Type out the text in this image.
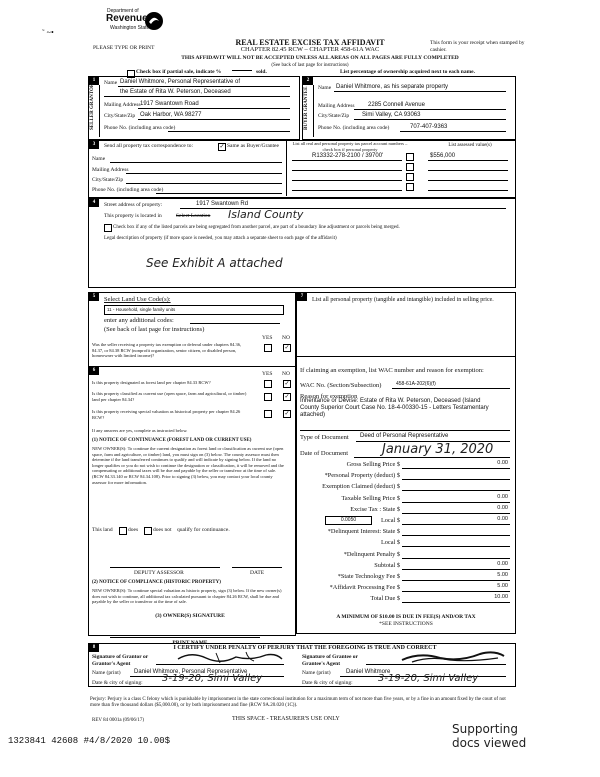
Department of
Revenue
Washington State
˜ ~•
PLEASE TYPE OR PRINT
REAL ESTATE EXCISE TAX AFFIDAVIT
CHAPTER 82.45 RCW – CHAPTER 458-61A WAC
This form is your receipt when stamped by cashier.
THIS AFFIDAVIT WILL NOT BE ACCEPTED UNLESS ALL AREAS ON ALL PAGES ARE FULLY COMPLETED
(See back of last page for instructions)
Check box if partial sale, indicate %	sold.	List percentage of ownership acquired next to each name.
1
SELLER GRANTOR
Name Daniel Whitmore, Personal Representative of
the Estate of Rita W. Peterson, Deceased
Mailing Address 1917 Swantown Road
City/State/Zip Oak Harbor, WA 98277
Phone No. (including area code)
2
BUYER GRANTEE Name Daniel Whitmore, as his separate property
Mailing Address 2285 Connell Avenue
City/State/Zip Simi Valley, CA 93063
Phone No. (including area code)	707-407-9363
3	Send all property tax correspondence to:	✓ Same as Buyer/Grantee
Name
Mailing Address
City/State/Zip
Phone No. (including area code)
List all real and personal property tax parcel account numbers – check box if personal property
List assessed value(s)
R13332-278-2100 / 39700'	$556,000
4	Street address of property:	1917 Swantown Rd
This property is located in	Select Location Island County
Check box if any of the listed parcels are being segregated from another parcel, are part of a boundary line adjustment or parcels being merged.
Legal description of property (if more space is needed, you may attach a separate sheet to each page of the affidavit)
See Exhibit A attached
5	Select Land Use Code(s):
11 - Household, single family units
enter any additional codes:
(See back of last page for instructions)
YES NO
Was the seller receiving a property tax exemption or deferral under chapters 84.36, 84.37, or 84.38 RCW (nonprofit organization, senior citizen, or disabled person, homeowner with limited income)?
✓
6
YES NO
Is this property designated as forest land per chapter 84.33 RCW?	✓
Is this property classified as current use (open space, farm and agricultural, or timber) land per chapter 84.34?	✓
Is this property receiving special valuation as historical property per chapter 84.26 RCW?	✓
If any answers are yes, complete as instructed below.
(1) NOTICE OF CONTINUANCE (FOREST LAND OR CURRENT USE)
NEW OWNER(S): To continue the current designation as forest land or classification as current use (open space, farm and agriculture, or timber) land, you must sign on (3) below. The county assessor must then determine if the land transferred continues to qualify and will indicate by signing below. If the land no longer qualifies or you do not wish to continue the designation or classification, it will be removed and the compensating or additional taxes will be due and payable by the seller or transferor at the time of sale. (RCW 84.33.140 or RCW 84.34.108). Prior to signing (3) below, you may contact your local county assessor for more information.
This land	does	does not qualify for continuance.
DEPUTY ASSESSOR	DATE
(2) NOTICE OF COMPLIANCE (HISTORIC PROPERTY)
NEW OWNER(S): To continue special valuation as historic property, sign (3) below. If the new owner(s) does not wish to continue, all additional tax calculated pursuant to chapter 84.26 RCW, shall be due and payable by the seller or transferor at the time of sale.
(3) OWNER(S) SIGNATURE
PRINT NAME
7
List all personal property (tangible and intangible) included in selling price.
If claiming an exemption, list WAC number and reason for exemption:
WAC No. (Section/Subsection)	458-61A-202(6)(f)
Reason for exemption
Inheritance or Devise: Estate of Rita W. Peterson, Deceased (Island County Superior Court Case No. 18-4-00330-15 - Letters Testamentary attached)
Type of Document Deed of Personal Representative
Date of Document	January 31, 2020
Gross Selling Price $	0.00
*Personal Property (deduct) $
Exemption Claimed (deduct) $
Taxable Selling Price $	0.00
Excise Tax : State $	0.00
Local $	0.00
*Delinquent Interest: State $
Local $
*Delinquent Penalty $
Subtotal $	0.00
*State Technology Fee $	5.00
*Affidavit Processing Fee $	5.00
Total Due $	10.00
0.0050
A MINIMUM OF $10.00 IS DUE IN FEE(S) AND/OR TAX
*SEE INSTRUCTIONS
8	I CERTIFY UNDER PENALTY OF PERJURY THAT THE FOREGOING IS TRUE AND CORRECT
Signature of Grantor or Grantor's Agent
Signature of Grantee or Grantee's Agent
Name (print) Daniel Whitmore, Personal Representative	Name (print)	Daniel Whitmore
Date & city of signing: 3-19-20, Simi Valley	Date & city of signing:	3-19-20, Simi Valley
Perjury: Perjury is a class C felony which is punishable by imprisonment in the state correctional institution for a maximum term of not more than five years, or by a fine in an amount fixed by the court of not more than five thousand dollars ($5,000.00), or by both imprisonment and fine (RCW 9A.20.020 (1C)).
REV 84 0001a (09/06/17)	THIS SPACE - TREASURER'S USE ONLY
1323841 42608 #4/8/2020 10.00$
Supporting docs viewed
